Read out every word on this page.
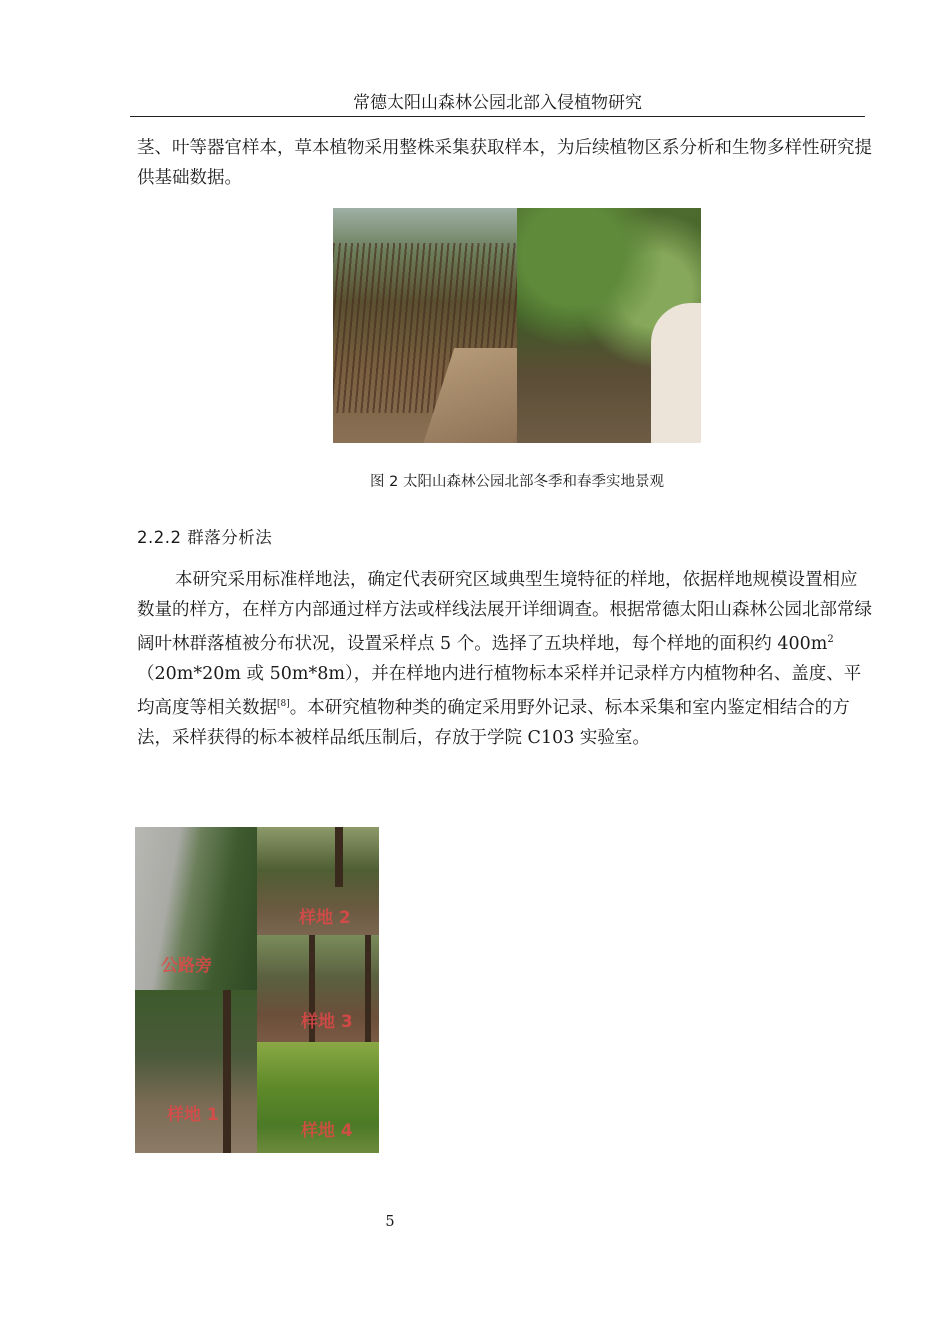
常德太阳山森林公园北部入侵植物研究

茎、叶等器官样本，草本植物采用整株采集获取样本，为后续植物区系分析和生物多样性研究提供基础数据。

图 2 太阳山森林公园北部冬季和春季实地景观
2.2.2 群落分析法

本研究采用标准样地法，确定代表研究区域典型生境特征的样地，依据样地规模设置相应数量的样方，在样方内部通过样方法或样线法展开详细调查。根据常德太阳山森林公园北部常绿阔叶林群落植被分布状况，设置采样点 5 个。选择了五块样地，每个样地的面积约 $400m^2(20m*20m$ 或 50m*8m），并在样地内进行植物标本采样并记录样方内植物种名、盖度、平均高度等相关数据[8]。本研究植物种类的确定采用野外记录、标本采集和室内鉴定相结合的方法，采样获得的标本被样品纸压制后，存放于学院 C103 实验室。

公路旁
样地 1
样地 2
样地 3
样地 4
5
